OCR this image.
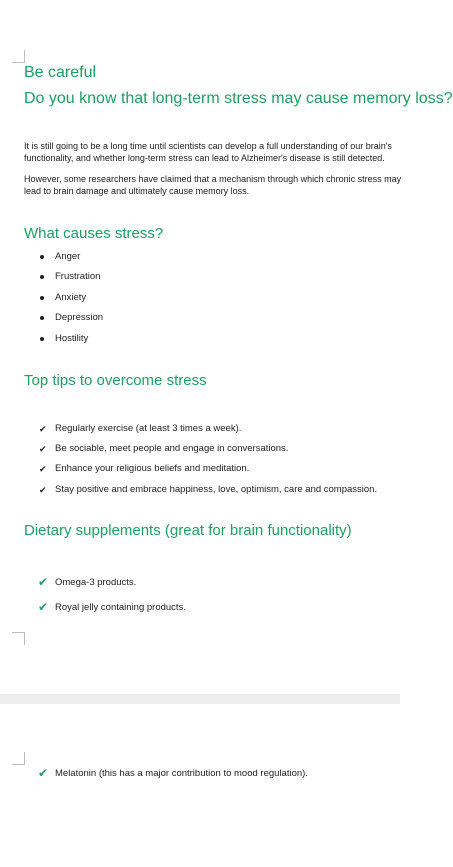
Be careful
Do you know that long-term stress may cause memory loss?

It is still going to be a long time until scientists can develop a full understanding of our brain's

functionality, and whether long-term stress can lead to Alzheimer's disease is still detected.

However, some researchers have claimed that a mechanism through which chronic stress may

lead to brain damage and ultimately cause memory loss.

What causes stress?
Anger
Frustration
Anxiety
Depression
Hostility
Top tips to overcome stress
✔ Regularly exercise (at least 3 times a week).
✔ Be sociable, meet people and engage in conversations.
✔ Enhance your religious beliefs and meditation.
✔ Stay positive and embrace happiness, love, optimism, care and compassion.
Dietary supplements (great for brain functionality)
✔ Omega-3 products.
✔ Royal jelly containing products.
✔ Melatonin (this has a major contribution to mood regulation).
